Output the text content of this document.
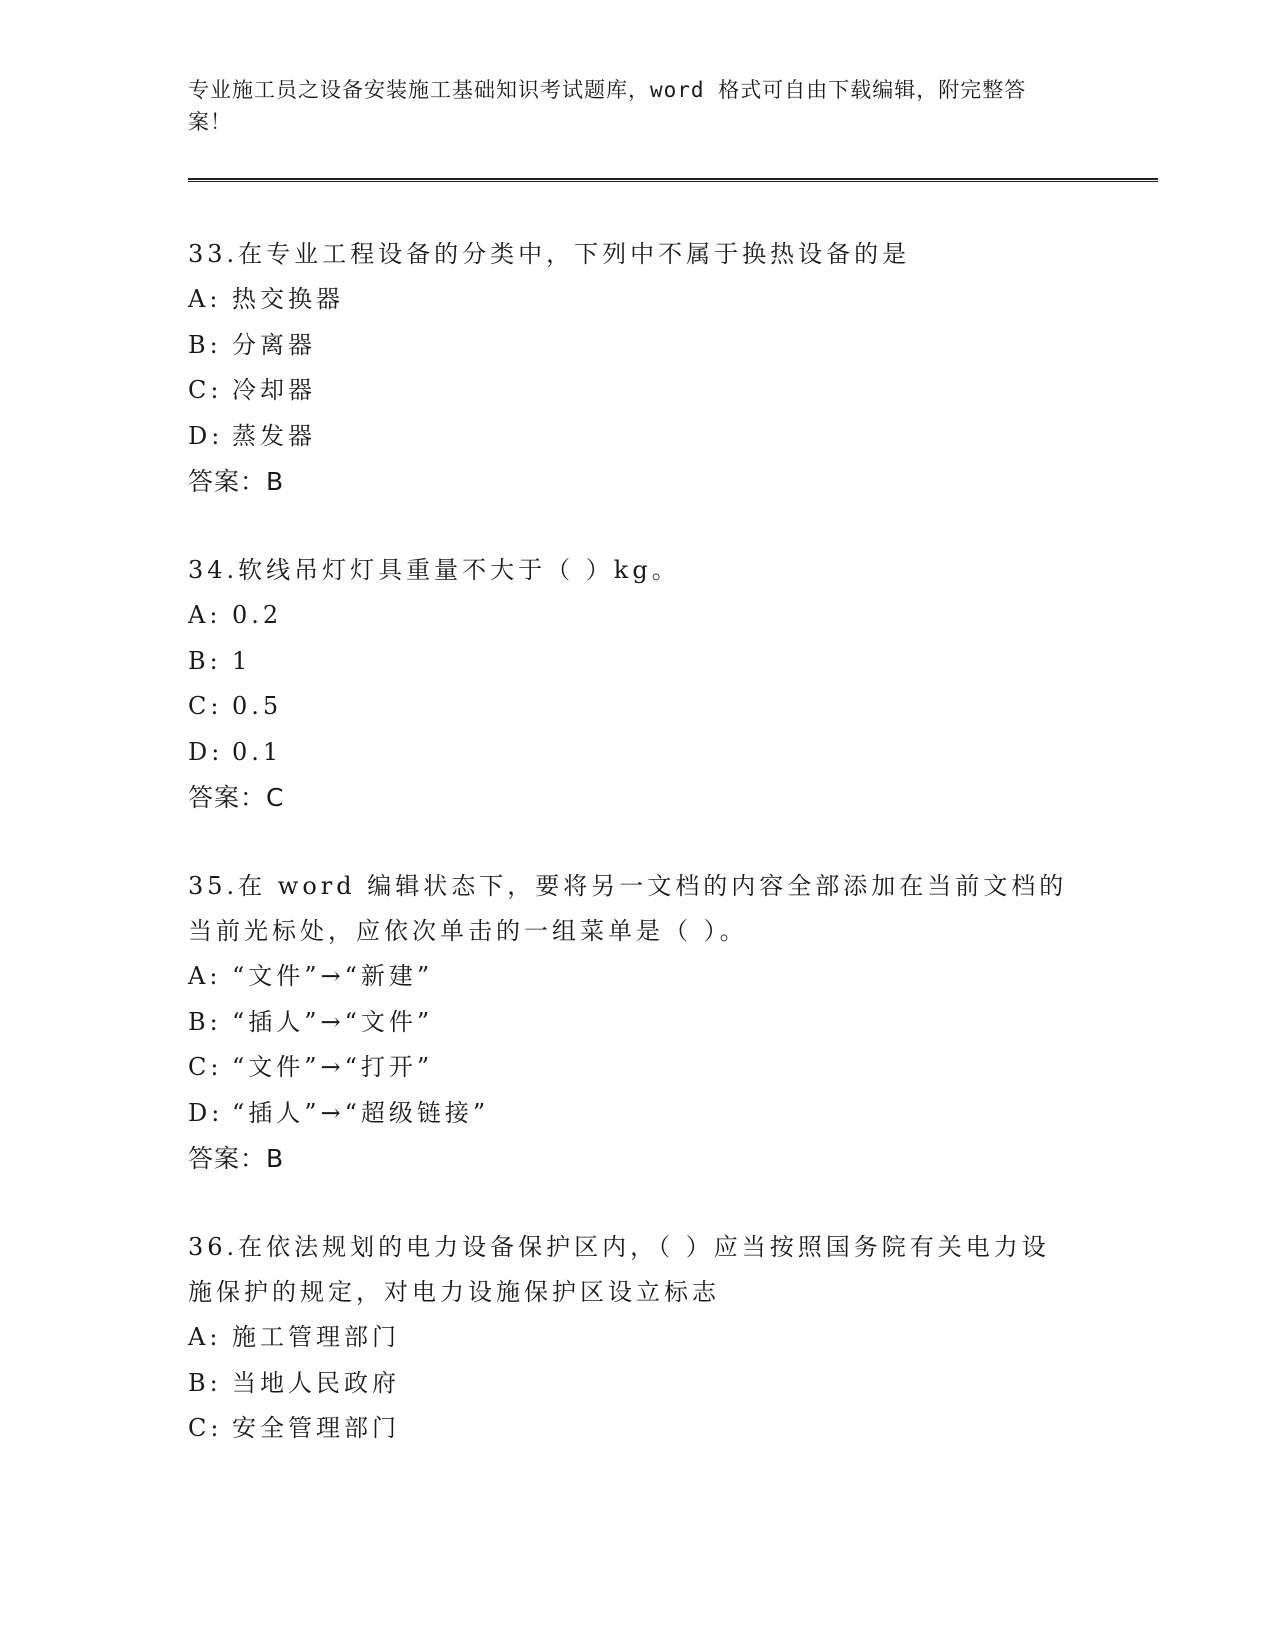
专业施工员之设备安装施工基础知识考试题库，word 格式可自由下载编辑，附完整答案！

33.在专业工程设备的分类中，下列中不属于换热设备的是

A: 热交换器

B: 分离器

C: 冷却器

D: 蒸发器

答案：B

34.软线吊灯灯具重量不大于（ ）kg。

A: 0.2

B: 1

C: 0.5

D: 0.1

答案：C

35.在 word 编辑状态下，要将另一文档的内容全部添加在当前文档的当前光标处，应依次单击的一组菜单是（ ）。

A: “文件”→“新建”

B: “插人”→“文件”

C: “文件”→“打开”

D: “插人”→“超级链接”

答案：B

36.在依法规划的电力设备保护区内，（ ）应当按照国务院有关电力设施保护的规定，对电力设施保护区设立标志

A: 施工管理部门

B: 当地人民政府

C: 安全管理部门
